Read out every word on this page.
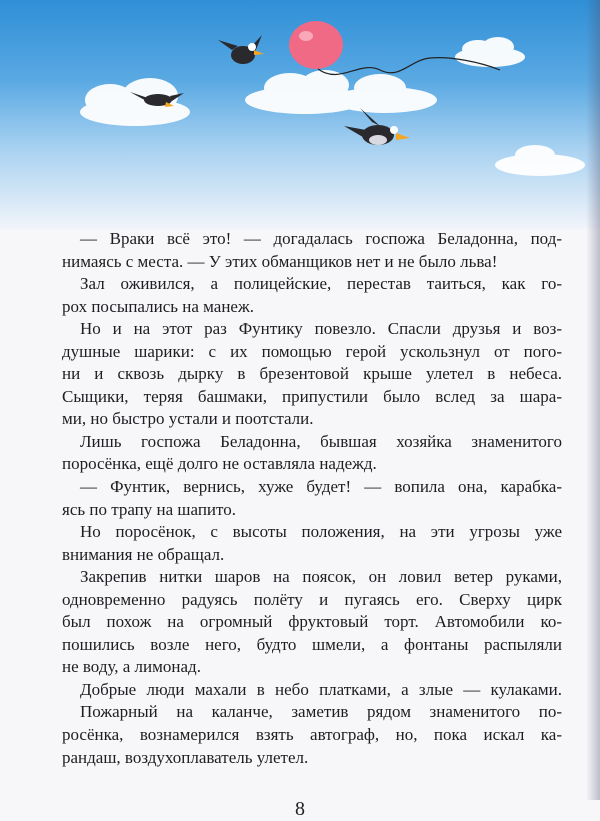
— Враки всё это! — догадалась госпожа Беладонна, под-
нимаясь с места. — У этих обманщиков нет и не было льва!
Зал оживился, а полицейские, перестав таиться, как го-
рох посыпались на манеж.
Но и на этот раз Фунтику повезло. Спасли друзья и воз-
душные шарики: с их помощью герой ускользнул от пого-
ни и сквозь дырку в брезентовой крыше улетел в небеса.
Сыщики, теряя башмаки, припустили было вслед за шара-
ми, но быстро устали и поотстали.
Лишь госпожа Беладонна, бывшая хозяйка знаменитого
поросёнка, ещё долго не оставляла надежд.
— Фунтик, вернись, хуже будет! — вопила она, карабка-
ясь по трапу на шапито.
Но поросёнок, с высоты положения, на эти угрозы уже
внимания не обращал.
Закрепив нитки шаров на поясок, он ловил ветер руками,
одновременно радуясь полёту и пугаясь его. Сверху цирк
был похож на огромный фруктовый торт. Автомобили ко-
пошились возле него, будто шмели, а фонтаны распыляли
не воду, а лимонад.
Добрые люди махали в небо платками, а злые — кулаками.
Пожарный на каланче, заметив рядом знаменитого по-
росёнка, вознамерился взять автограф, но, пока искал ка-
рандаш, воздухоплаватель улетел.
8
